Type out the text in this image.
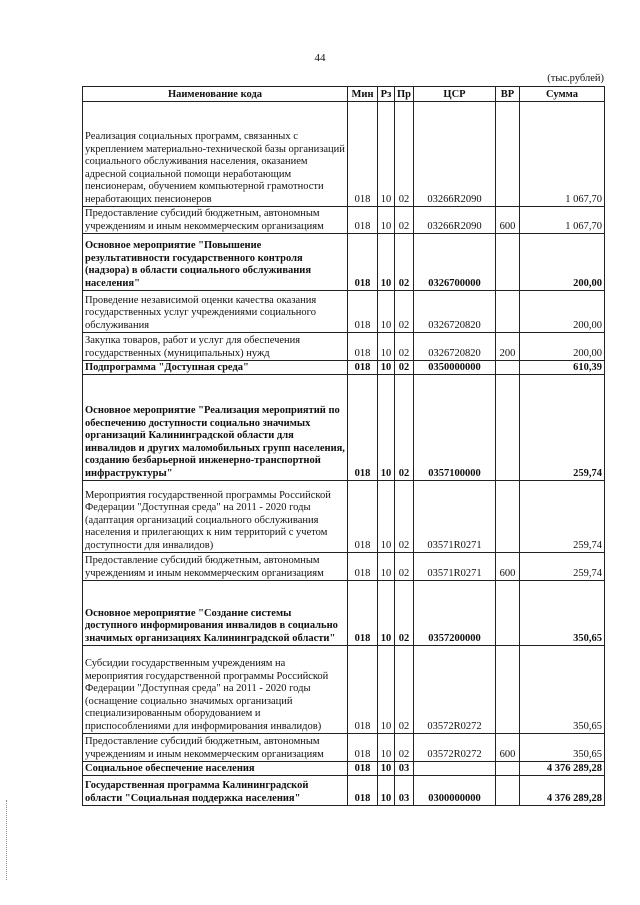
44
(тыс.рублей)
Наименование кода	Мин	Рз	Пр	ЦСР	ВР	Сумма
Реализация социальных программ, связанных с укреплением материально-технической базы организаций социального обслуживания населения, оказанием адресной социальной помощи неработающим пенсионерам, обучением компьютерной грамотности неработающих пенсионеров	018	10	02	03266R2090		1 067,70
Предоставление субсидий бюджетным, автономным учреждениям и иным некоммерческим организациям	018	10	02	03266R2090	600	1 067,70
Основное мероприятие "Повышение результативности государственного контроля (надзора) в области социального обслуживания населения"	018	10	02	0326700000		200,00
Проведение независимой оценки качества оказания государственных услуг учреждениями социального обслуживания	018	10	02	0326720820		200,00
Закупка товаров, работ и услуг для обеспечения государственных (муниципальных) нужд	018	10	02	0326720820	200	200,00
Подпрограмма "Доступная среда"	018	10	02	0350000000		610,39
Основное мероприятие "Реализация мероприятий по обеспечению доступности социально значимых организаций Калининградской области для инвалидов и других маломобильных групп населения, созданию безбарьерной инженерно-транспортной инфраструктуры"	018	10	02	0357100000		259,74
Мероприятия государственной программы Российской Федерации "Доступная среда" на 2011 - 2020 годы (адаптация организаций социального обслуживания населения и прилегающих к ним территорий с учетом доступности для инвалидов)	018	10	02	03571R0271		259,74
Предоставление субсидий бюджетным, автономным учреждениям и иным некоммерческим организациям	018	10	02	03571R0271	600	259,74
Основное мероприятие "Создание системы доступного информирования инвалидов в социально значимых организациях Калининградской области"	018	10	02	0357200000		350,65
Субсидии государственным учреждениям на мероприятия государственной программы Российской Федерации "Доступная среда" на 2011 - 2020 годы (оснащение социально значимых организаций специализированным оборудованием и приспособлениями для информирования инвалидов)	018	10	02	03572R0272		350,65
Предоставление субсидий бюджетным, автономным учреждениям и иным некоммерческим организациям	018	10	02	03572R0272	600	350,65
Социальное обеспечение населения	018	10	03			4 376 289,28
Государственная программа Калининградской области "Социальная поддержка населения"	018	10	03	0300000000		4 376 289,28
